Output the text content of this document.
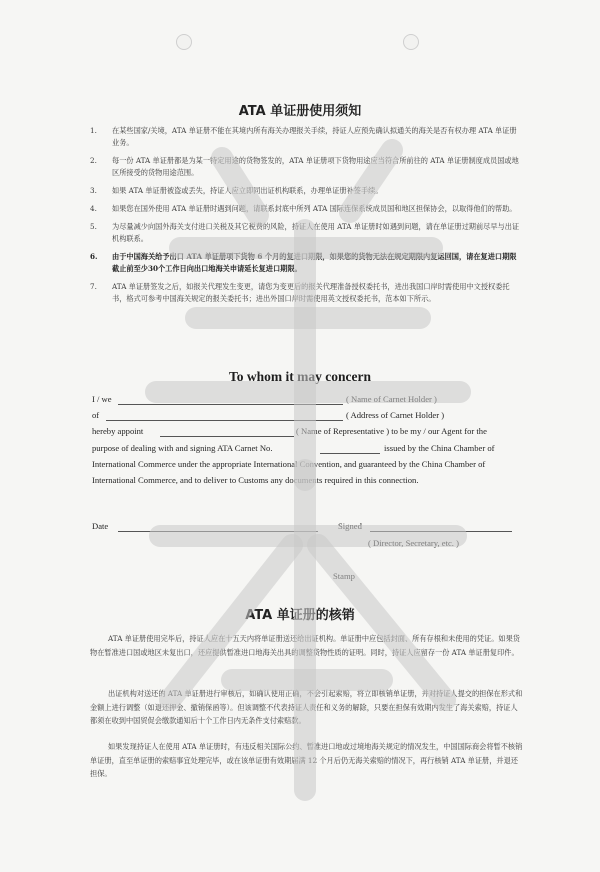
ATA 单证册使用须知
1. 在某些国家/关境，ATA 单证册不能在其境内所有海关办理报关手续，持证人应预先确认拟通关的海关是否有权办理 ATA 单证册业务。
2. 每一份 ATA 单证册都是为某一特定用途的货物签发的，ATA 单证册项下货物用途应当符合所前往的 ATA 单证册制度成员国或地区所接受的货物用途范围。
3. 如果 ATA 单证册被盗或丢失，持证人应立即同出证机构联系，办理单证册补签手续。
4. 如果您在国外使用 ATA 单证册时遇到问题，请联系封底中所列 ATA 国际连保系统成员国和地区担保协会，以取得他们的帮助。
5. 为尽量减少向国外海关支付进口关税及其它税费的风险，持证人在使用 ATA 单证册时如遇到问题，请在单证册过期前尽早与出证机构联系。
6. 由于中国海关给予出口 ATA 单证册项下货物 6 个月的复进口期限，如果您的货物无法在规定期限内复运回国，请在复进口期限截止前至少30个工作日向出口地海关申请延长复进口期限。
7. ATA 单证册签发之后，如报关代理发生变更，请您为变更后的报关代理准备授权委托书，进出我国口岸时需使用中文授权委托书，格式可参考中国海关规定的报关委托书；进出外国口岸时需使用英文授权委托书，范本如下所示。
To whom it may concern
I / we	( Name of Carnet Holder )
of	( Address of Carnet Holder )
hereby appoint	( Name of Representative ) to be my / our Agent for the
purpose of dealing with and signing ATA Carnet No.	issued by the China Chamber of
International Commerce under the appropriate International Convention, and guaranteed by the China Chamber of
International Commerce, and to deliver to Customs any documents required in this connection.
Date	Signed
( Director, Secretary, etc. )
Stamp
ATA 单证册的核销

ATA 单证册使用完毕后，持证人应在十五天内将单证册送还给出证机构。单证册中应包括封面、所有存根和未使用的凭证。如果货物在暂准进口国或地区未复出口，还应提供暂准进口地海关出具的调整货物性质的证明。同时，持证人应留存一份 ATA 单证册复印件。

出证机构对送还的 ATA 单证册进行审核后，如确认使用正确，不会引起索赔，将立即核销单证册，并对持证人提交的担保在形式和金额上进行调整（如退还押金、撤销保函等）。但该调整不代表持证人责任和义务的解除，只要在担保有效期内发生了海关索赔，持证人都须在收到中国贸促会缴款通知后十个工作日内无条件支付索赔款。

如果发现持证人在使用 ATA 单证册时，有违反相关国际公约、暂准进口地或过境地海关规定的情况发生，中国国际商会将暂不核销单证册，直至单证册的索赔事宜处理完毕，或在该单证册有效期届满 12 个月后仍无海关索赔的情况下，再行核销 ATA 单证册，并退还担保。
